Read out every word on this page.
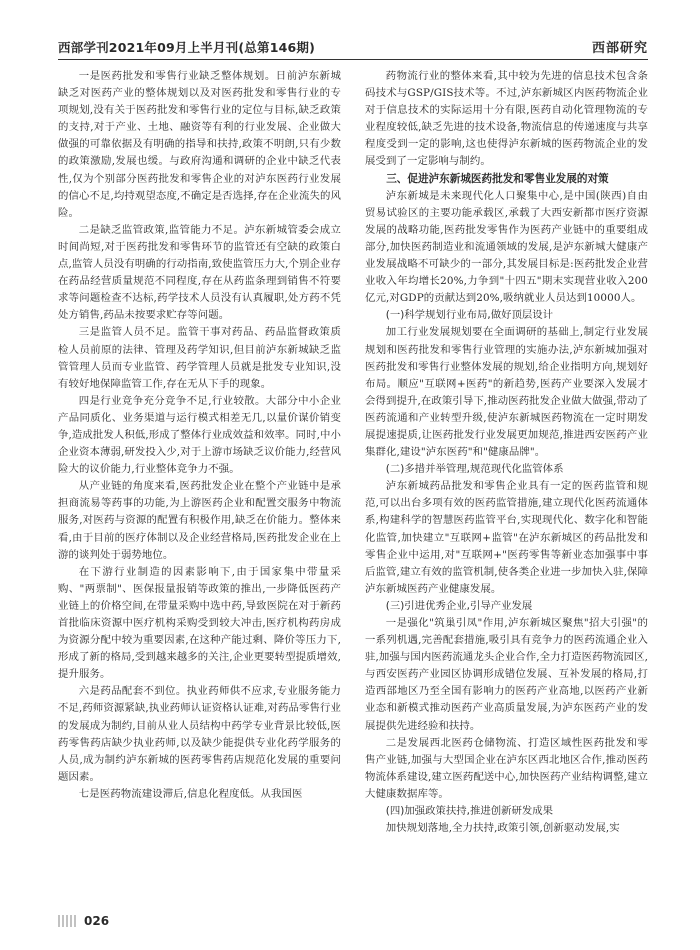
西部学刊2021年09月上半月刊(总第146期)	西部研究

一是医药批发和零售行业缺乏整体规划。日前泸东新城缺乏对医药产业的整体规划以及对医药批发和零售行业的专项规划,没有关于医药批发和零售行业的定位与目标,缺乏政策的支持,对于产业、土地、融资等有利的行业发展、企业做大做强的可靠依据及有明确的指导和扶持,政策不明朗,只有少数的政策激励,发展也缓。与政府沟通和调研的企业中缺乏代表性,仅为个别部分医药批发和零售企业的对泸东医药行业发展的信心不足,均持观望态度,不确定是否选择,存在企业流失的风险。

二是缺乏监管政策,监管能力不足。泸东新城管委会成立时间尚短,对于医药批发和零售环节的监管还有空缺的政策白点,监管人员没有明确的行动指南,致使监管压力大,个别企业存在药品经营质量规范不同程度,存在从药监条理到销售不符要求等问题检查不达标,药学技术人员没有认真履职,处方药不凭处方销售,药品未按要求贮存等问题。

三是监管人员不足。监管干事对药品、药品监督政策质检人员前原的法律、管理及药学知识,但目前泸东新城缺乏监管管理人员而专业监管、药学管理人员就是批发专业知识,没有较好地保障监管工作,存在无从下手的现象。

四是行业竞争充分竞争不足,行业较散。大部分中小企业产品同质化、业务渠道与运行模式相差无几,以量价谋价销变争,造成批发人积低,形成了整体行业成效益和效率。同时,中小企业资本薄弱,研发投入少,对于上游市场缺乏议价能力,经营风险大的议价能力,行业整体竞争力不强。

从产业链的角度来看,医药批发企业在整个产业链中是承担商流易等药事的功能,为上游医药企业和配置交服务中物流服务,对医药与资源的配置有积极作用,缺乏在价能力。整体来看,由于目前的医疗体制以及企业经营格局,医药批发企业在上游的谈判处于弱势地位。

在下游行业制造的因素影响下,由于国家集中带量采购、"两票制"、医保报量报销等政策的推出,一步降低医药产业链上的价格空间,在带量采购中选中药,导致医院在对于新药首批临床资源中医疗机构采购受到较大冲击,医疗机构药房成为资源分配中较为重要因素,在这种产能过剩、降价等压力下,形成了新的格局,受到越来越多的关注,企业更要转型提质增效,提升服务。

六是药品配套不到位。执业药师供不应求,专业服务能力不足,药师资源紧缺,执业药师认证资格认证难,对药品零售行业的发展成为制约,目前从业人员结构中药学专业背景比较低,医药零售药店缺少执业药师,以及缺少能提供专业化药学服务的人员,成为制约泸东新城的医药零售药店规范化发展的重要问题因素。

七是医药物流建设滞后,信息化程度低。从我国医

药物流行业的整体来看,其中较为先进的信息技术包含条码技术与GSP/GIS技术等。不过,泸东新城区内医药物流企业对于信息技术的实际运用十分有限,医药自动化管理物流的专业程度较低,缺乏先进的技术设备,物流信息的传递速度与共享程度受到一定的影响,这也使得泸东新城的医药物流企业的发展受到了一定影响与制约。

三、促进泸东新城医药批发和零售业发展的对策

泸东新城是未来现代化人口聚集中心,是中国(陕西)自由贸易试验区的主要功能承载区,承载了大西安新都市医疗资源发展的战略功能,医药批发零售作为医药产业链中的重要组成部分,加快医药制造业和流通领域的发展,是泸东新城大健康产业发展战略不可缺少的一部分,其发展目标是:医药批发企业营业收入年均增长20%,力争到"十四五"期末实现营业收入200亿元,对GDP的贡献达到20%,吸纳就业人员达到10000人。

(一)科学规划行业布局,做好顶层设计

加工行业发展规划要在全面调研的基础上,制定行业发展规划和医药批发和零售行业管理的实施办法,泸东新城加强对医药批发和零售行业整体发展的规划,给企业指明方向,规划好布局。顺应"互联网+医药"的新趋势,医药产业要深入发展才会得到提升,在政策引导下,推动医药批发企业做大做强,带动了医药流通和产业转型升级,使泸东新城医药物流在一定时期发展提速提质,让医药批发行业发展更加规范,推进西安医药产业集群化,建设"泸东医药"和"健康品牌"。

(二)多措并举管理,规范现代化监管体系

泸东新城药品批发和零售企业具有一定的医药监管和规范,可以出台多项有效的医药监管措施,建立现代化医药流通体系,构建科学的智慧医药监管平台,实现现代化、数字化和智能化监管,加快建立"互联网+监管"在泸东新城区的药品批发和零售企业中运用,对"互联网+"医药零售等新业态加强事中事后监管,建立有效的监管机制,使各类企业进一步加快入驻,保障泸东新城医药产业健康发展。

(三)引进优秀企业,引导产业发展

一是强化"筑巢引凤"作用,泸东新城区聚焦"招大引强"的一系列机遇,完善配套措施,吸引具有竞争力的医药流通企业入驻,加强与国内医药流通龙头企业合作,全力打造医药物流园区,与西安医药产业园区协调形成错位发展、互补发展的格局,打造西部地区乃至全国有影响力的医药产业高地,以医药产业新业态和新模式推动医药产业高质量发展,为泸东医药产业的发展提供先进经验和扶持。

二是发展西北医药仓储物流、打造区域性医药批发和零售产业链,加强与大型国企业在泸东区西北地区合作,推动医药物流体系建设,建立医药配送中心,加快医药产业结构调整,建立大健康数据库等。

(四)加强政策扶持,推进创新研发成果

加快规划落地,全力扶持,政策引领,创新驱动发展,实

026
